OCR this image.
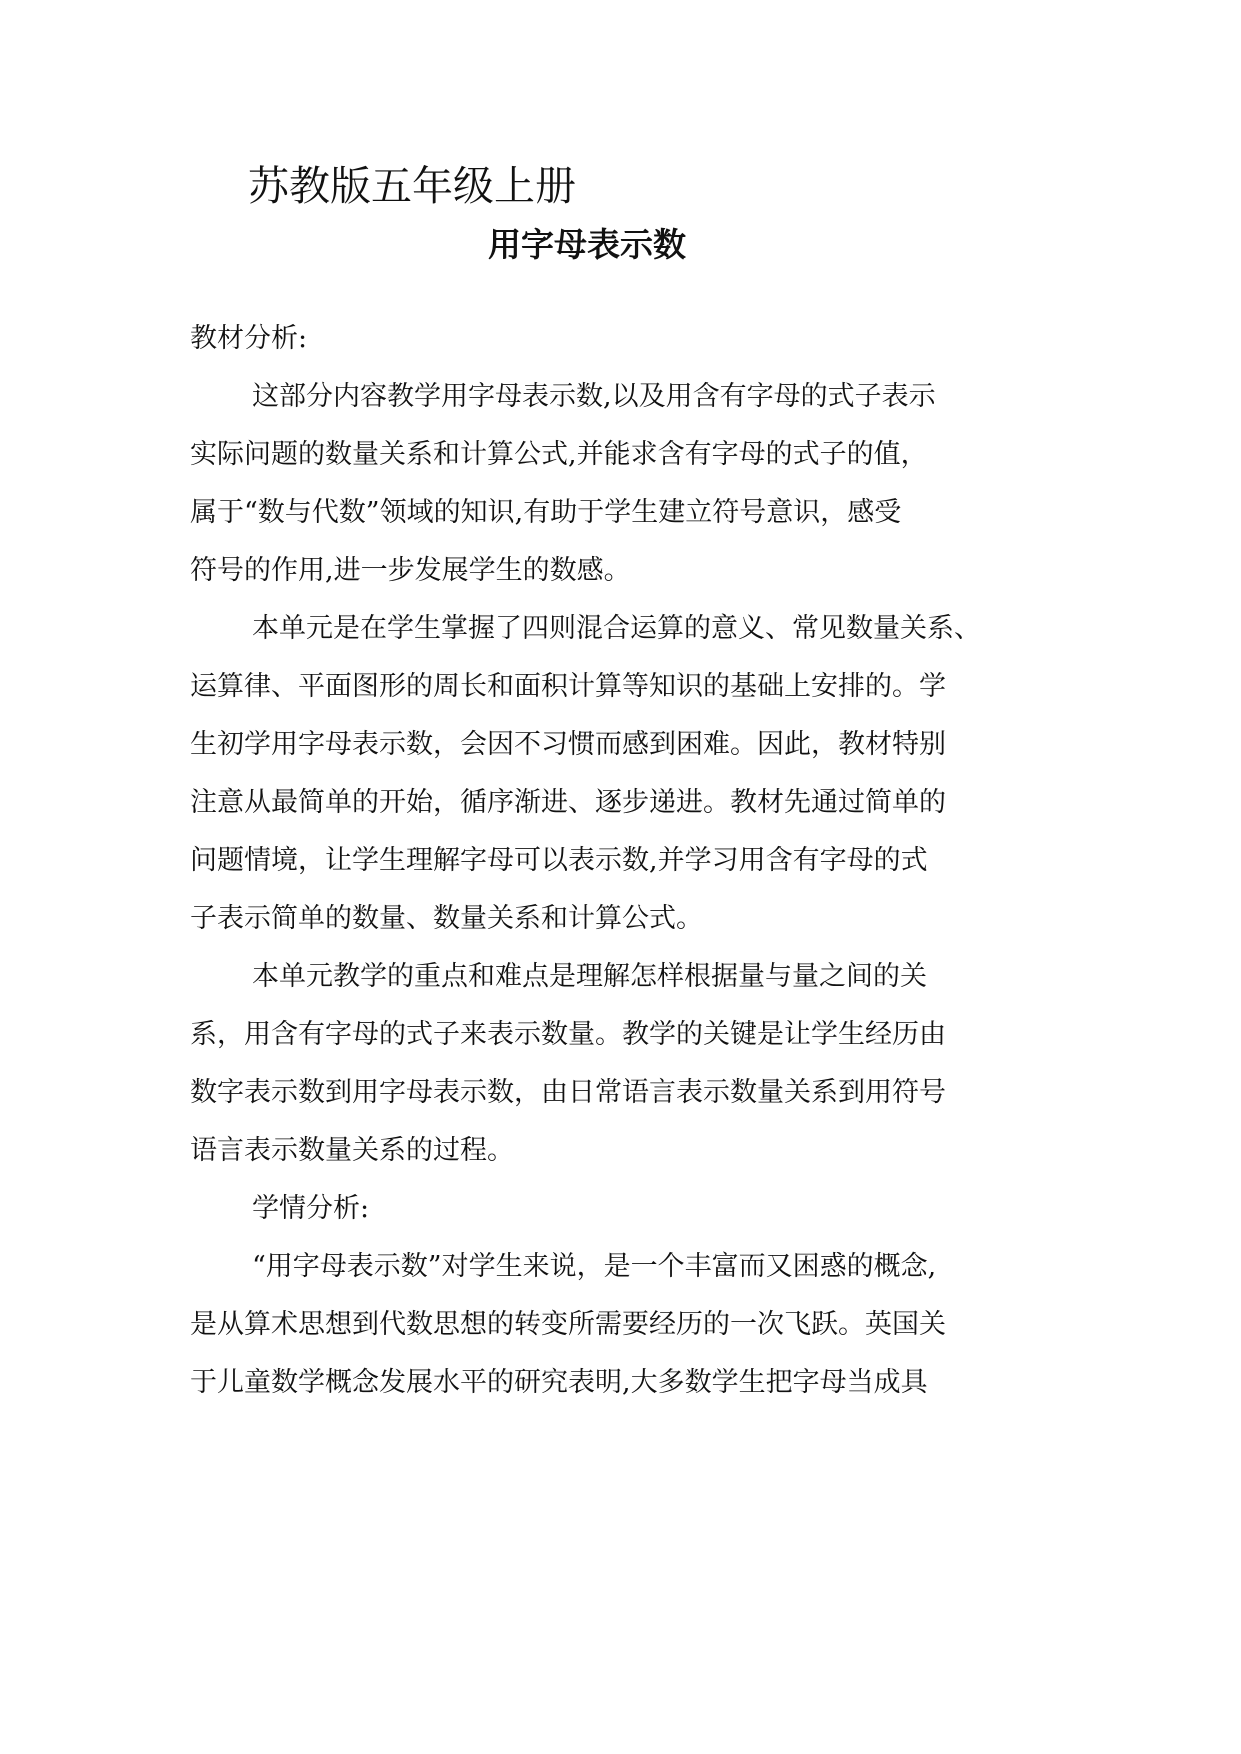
苏教版五年级上册
用字母表示数
教材分析:
这部分内容教学用字母表示数,以及用含有字母的式子表示
实际问题的数量关系和计算公式,并能求含有字母的式子的值，
属于“数与代数”领域的知识,有助于学生建立符号意识，感受
符号的作用,进一步发展学生的数感。
本单元是在学生掌握了四则混合运算的意义、常见数量关系、
运算律、平面图形的周长和面积计算等知识的基础上安排的。学
生初学用字母表示数，会因不习惯而感到困难。因此，教材特别
注意从最简单的开始，循序渐进、逐步递进。教材先通过简单的
问题情境，让学生理解字母可以表示数,并学习用含有字母的式
子表示简单的数量、数量关系和计算公式。
本单元教学的重点和难点是理解怎样根据量与量之间的关
系，用含有字母的式子来表示数量。教学的关键是让学生经历由
数字表示数到用字母表示数，由日常语言表示数量关系到用符号
语言表示数量关系的过程。
学情分析:
“用字母表示数”对学生来说，是一个丰富而又困惑的概念,
是从算术思想到代数思想的转变所需要经历的一次飞跃。英国关
于儿童数学概念发展水平的研究表明,大多数学生把字母当成具
